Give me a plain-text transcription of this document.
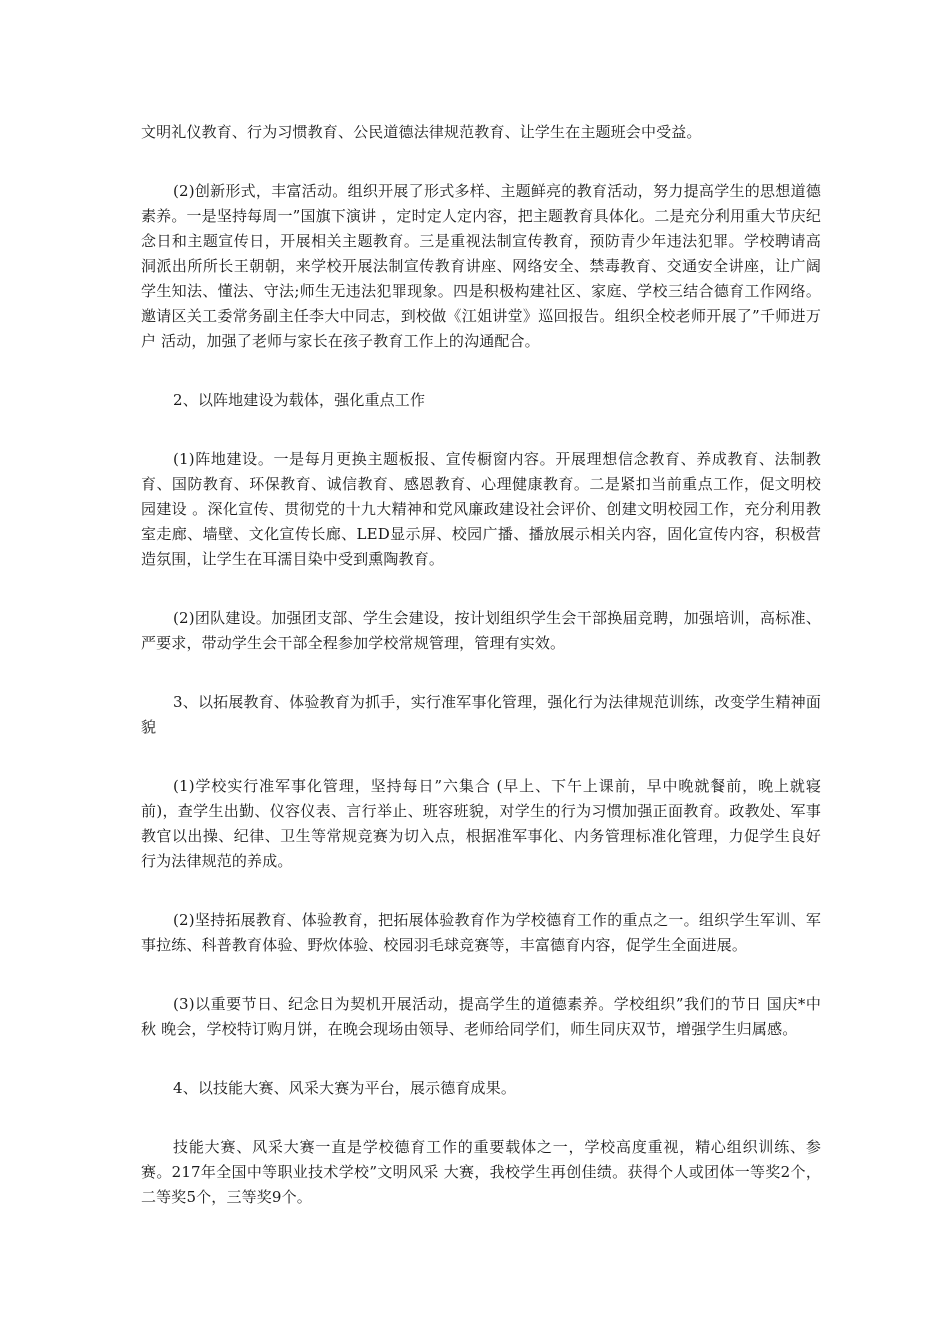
文明礼仪教育、行为习惯教育、公民道德法律规范教育、让学生在主题班会中受益。

(2)创新形式，丰富活动。组织开展了形式多样、主题鲜亮的教育活动，努力提高学生的思想道德素养。一是坚持每周一”国旗下演讲 ，定时定人定内容，把主题教育具体化。二是充分利用重大节庆纪念日和主题宣传日，开展相关主题教育。三是重视法制宣传教育，预防青少年违法犯罪。学校聘请高洞派出所所长王朝朝，来学校开展法制宣传教育讲座、网络安全、禁毒教育、交通安全讲座，让广阔学生知法、懂法、守法;师生无违法犯罪现象。四是积极构建社区、家庭、学校三结合德育工作网络。邀请区关工委常务副主任李大中同志，到校做《江姐讲堂》巡回报告。组织全校老师开展了”千师进万户 活动，加强了老师与家长在孩子教育工作上的沟通配合。

2、以阵地建设为载体，强化重点工作

(1)阵地建设。一是每月更换主题板报、宣传橱窗内容。开展理想信念教育、养成教育、法制教育、国防教育、环保教育、诚信教育、感恩教育、心理健康教育。二是紧扣当前重点工作，促文明校园建设 。深化宣传、贯彻党的十九大精神和党风廉政建设社会评价、创建文明校园工作，充分利用教室走廊、墙壁、文化宣传长廊、LED显示屏、校园广播、播放展示相关内容，固化宣传内容，积极营造氛围，让学生在耳濡目染中受到熏陶教育。

(2)团队建设。加强团支部、学生会建设，按计划组织学生会干部换届竞聘，加强培训，高标准、严要求，带动学生会干部全程参加学校常规管理，管理有实效。

3、以拓展教育、体验教育为抓手，实行准军事化管理，强化行为法律规范训练，改变学生精神面貌

(1)学校实行准军事化管理，坚持每日”六集合 (早上、下午上课前，早中晚就餐前，晚上就寝前)，查学生出勤、仪容仪表、言行举止、班容班貌，对学生的行为习惯加强正面教育。政教处、军事教官以出操、纪律、卫生等常规竞赛为切入点，根据准军事化、内务管理标准化管理，力促学生良好行为法律规范的养成。

(2)坚持拓展教育、体验教育，把拓展体验教育作为学校德育工作的重点之一。组织学生军训、军事拉练、科普教育体验、野炊体验、校园羽毛球竞赛等，丰富德育内容，促学生全面进展。

(3)以重要节日、纪念日为契机开展活动，提高学生的道德素养。学校组织”我们的节日 国庆*中秋 晚会，学校特订购月饼，在晚会现场由领导、老师给同学们，师生同庆双节，增强学生归属感。

4、以技能大赛、风采大赛为平台，展示德育成果。

技能大赛、风采大赛一直是学校德育工作的重要载体之一，学校高度重视，精心组织训练、参赛。217年全国中等职业技术学校”文明风采 大赛，我校学生再创佳绩。获得个人或团体一等奖2个，二等奖5个，三等奖9个。
